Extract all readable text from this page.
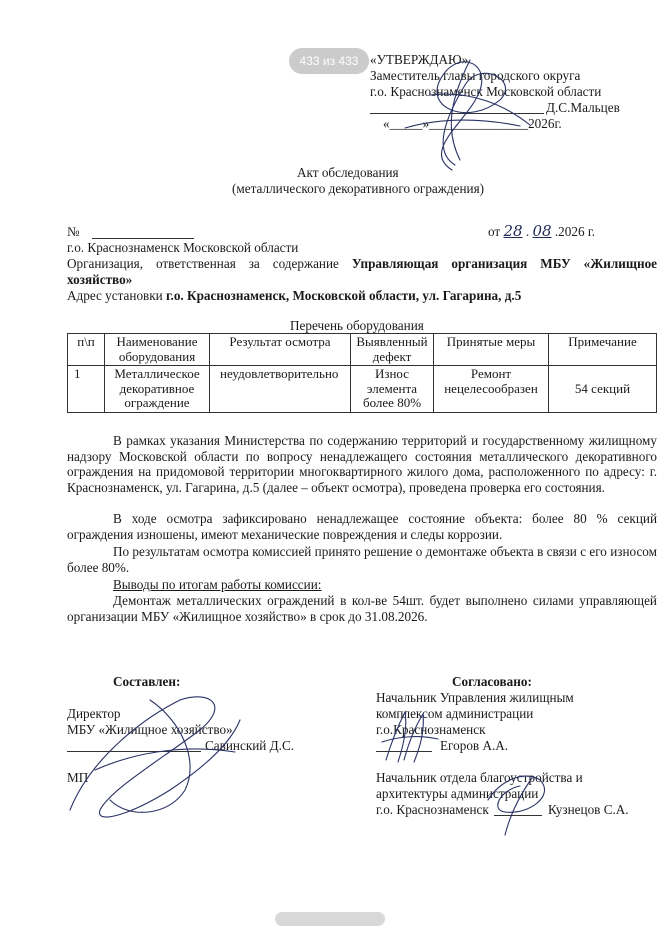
«УТВЕРЖДАЮ»
Заместитель главы городского округа
г.о. Краснознаменск Московской области
Д.С.Мальцев
«_____»_______________2026г.
Акт обследования
(металлического декоративного ограждения)
№	от 28 . 08 .2026 г.
г.о. Краснознаменск Московской области
Организация, ответственная за содержание Управляющая организация МБУ «Жилищное
хозяйство»
Адрес установки г.о. Краснознаменск, Московской области, ул. Гагарина, д.5
Перечень оборудования
п\п	Наименование оборудования	Результат осмотра	Выявленный дефект	Принятые меры	Примечание
1	Металлическое декоративное ограждение	неудовлетворительно	Износ элемента более 80%	Ремонт нецелесообразен	54 секций
В рамках указания Министерства по содержанию территорий и государственному жилищному надзору Московской области по вопросу ненадлежащего состояния металлического декоративного ограждения на придомовой территории многоквартирного жилого дома, расположенного по адресу: г. Краснознаменск, ул. Гагарина, д.5 (далее – объект осмотра), проведена проверка его состояния.
В ходе осмотра зафиксировано ненадлежащее состояние объекта: более 80 % секций ограждения изношены, имеют механические повреждения и следы коррозии.
По результатам осмотра комиссией принято решение о демонтаже объекта в связи с его износом более 80%.
Выводы по итогам работы комиссии:
Демонтаж металлических ограждений в кол-ве 54шт. будет выполнено силами управляющей организации МБУ «Жилищное хозяйство» в срок до 31.08.2026.
Составлен:	Согласовано:
Директор
МБУ «Жилищное хозяйство»
Савинский Д.С.
МП
Начальник Управления жилищным
комплексом администрации
г.о.Краснознаменск
Егоров А.А.
Начальник отдела благоустройства и
архитектуры администрации
г.о. Краснознаменск	Кузнецов С.А.
433 из 433
